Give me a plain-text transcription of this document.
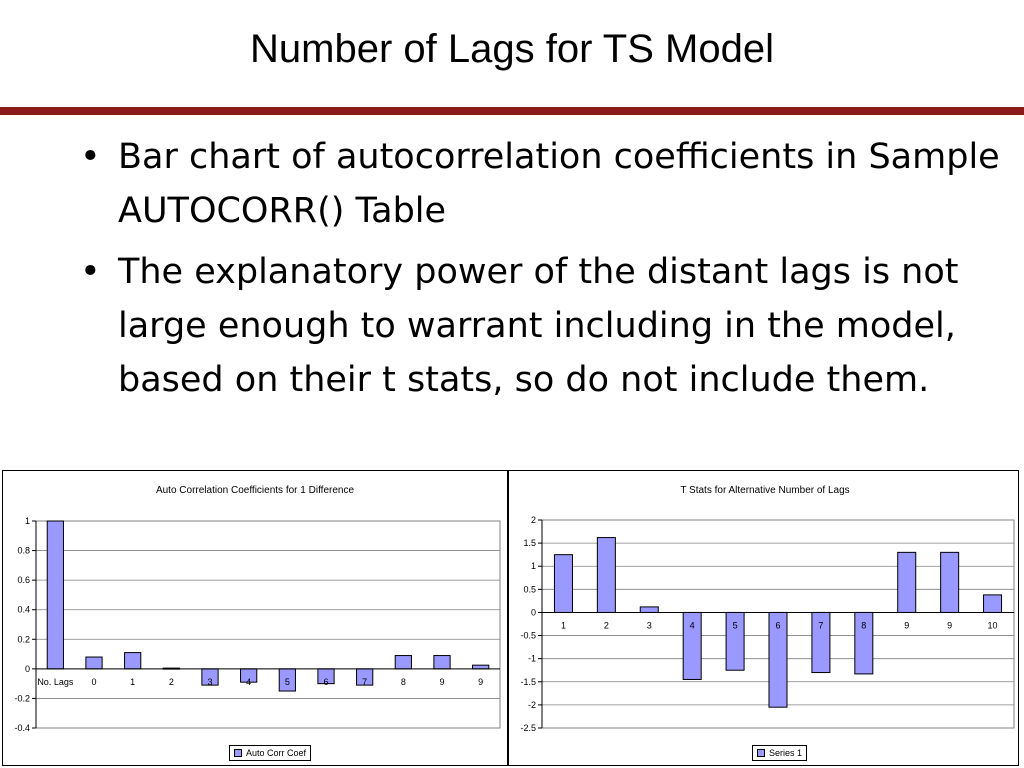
Number of Lags for TS Model
• Bar chart of autocorrelation coefficients in Sample AUTOCORR() Table
• The explanatory power of the distant lags is not large enough to warrant including in the model, based on their t stats, so do not include them.
Auto Correlation Coefficients for 1 Difference
1
0.8
0.6
0.4
0.2
0
-0.2
-0.4
No. Lags 0	1	2	3	4	5	6	7	8	9	9
Auto Corr Coef
T Stats for Alternative Number of Lags
2
1.5
1
0.5
0
-0.5
-1
-1.5
-2
-2.5
1	2	3	4	5	6	7	8	9	9	10
Series 1
